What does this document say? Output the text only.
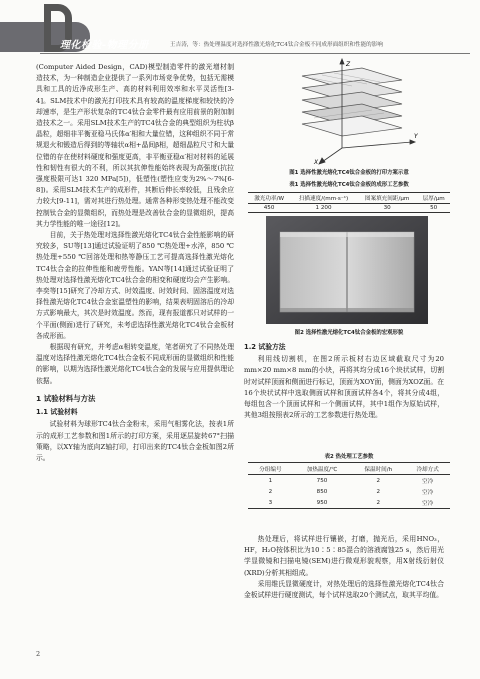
理化检验-物理分册	王吉涛，等：热处理温度对选择性激光熔化TC4钛合金板不同成形面组织和性能的影响

(Computer Aided Design，CAD)模型制造零件的激光增材制造技术，为一种制造企业提供了一系列市场竞争优势，包括无需模具和工具的近净成形生产、高的材料利用效率和水平灵活性[3-4]。SLM技术中的激光打印技术具有较高的温度梯度和较快的冷却速率，是生产形状复杂的TC4钛合金零件最有应用前景的附加制造技术之一。采用SLM技术生产的TC4钛合金的典型组织为柱状β晶粒，超细非平衡亚稳马氏体α′相和大量位错，这种组织不同于常规退火和锻造后得到的等轴状α相+晶间β相，超细晶粒尺寸和大量位错的存在使材料硬度和强度更高，非平衡亚稳α′相对材料的延展性和韧性有很大的不利，所以其抗伸性能始终表现为高强度(抗拉强度极限可达1 320 MPa[5])，低塑性(塑性应变为2%～7%[6-8])。采用SLM技术生产的成形件，其断后伸长率较低，且残余应力较大[9-11]，需对其进行热处理。通常各种形变热处理不能改变控制钛合金的显微组织，而热处理是改善钛合金的显微组织，提高其力学性能的唯一途径[12]。

目前，关于热处理对选择性激光熔化TC4钛合金性能影响的研究较多，SU等[13]通过试验证明了850 ℃热处理+水淬，850 ℃热处理+550 ℃回溶处理和热等静压工艺可提高选择性激光熔化TC4钛合金的拉伸性能和疲劳性能。YAN等[14]通过试验证明了热处理对选择性激光熔化TC4钛合金的相变和硬度均会产生影响。李奕等[15]研究了冷却方式、时效温度、时效时间、固溶温度对选择性激光熔化TC4钛合金室温塑性的影响，结果表明固溶后的冷却方式影响最大，其次是时效温度。然而，现有报道都只对试样的一个平面(侧面)进行了研究，未考虑选择性激光熔化TC4钛合金板材各成形面。

根据现有研究，并考虑α相转变温度，笔者研究了不同热处理温度对选择性激光熔化TC4钛合金板不同成形面的显微组织和性能的影响，以期为选择性激光熔化TC4钛合金的发展与应用提供理论依据。

1 试验材料与方法
1.1 试验材料

试验材料为球形TC4钛合金粉末，采用气相雾化法，按表1所示的成形工艺参数和图1所示的打印方案，采用逐层旋转67°扫描策略，以XY轴为底向Z轴打印，打印出来的TC4钛合金板如图2所示。

Z
Y
X
图1 选择性激光熔化TC4钛合金板的打印方案示意
表1 选择性激光熔化TC4钛合金板的成形工艺参数
激光功率/W	扫描速度/(mm·s⁻¹)	图案填充间距/μm	层厚/μm
450	1 200	30	50
图2 选择性激光熔化TC4钛合金板的宏观形貌
1.2 试验方法

利用线切割机，在图2所示板材右边区域截取尺寸为20 mm×20 mm×8 mm的小块，再将其均分成16个块状试样，切割时对试样顶面和侧面进行标记，顶面为XOY面，侧面为XOZ面。在16个块状试样中选取侧面试样和顶面试样各4个，将其分成4组，每组包含一个顶面试样和一个侧面试样，其中1组作为原始试样，其他3组按照表2所示的工艺参数进行热处理。

表2 热处理工艺参数
分组编号	加热温度/℃	保温时间/h	冷却方式
1	750	2	空冷
2	850	2	空冷
3	950	2	空冷

热处理后，将试样进行镶嵌，打磨，抛光后，采用HNO₃，HF，H₂O按体积比为10∶5∶85混合的溶液腐蚀25 s，然后用光学显微镜和扫描电镜(SEM)进行微观形貌观察，用X射线衍射仪(XRD)分析其相组成。

采用维氏显微硬度计，对热处理后的选择性激光熔化TC4钛合金板试样进行硬度测试，每个试样选取20个测试点，取其平均值。

2
